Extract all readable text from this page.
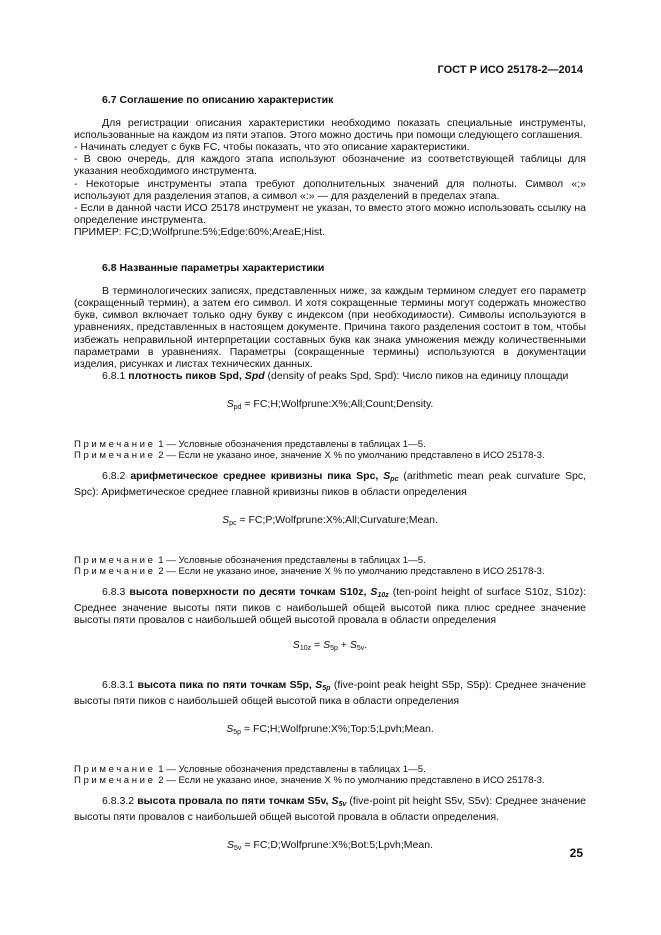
ГОСТ Р ИСО 25178-2—2014

6.7 Соглашение по описанию характеристик

Для регистрации описания характеристики необходимо показать специальные инструменты, использованные на каждом из пяти этапов. Этого можно достичь при помощи следующего соглашения.

- Начинать следует с букв FC, чтобы показать, что это описание характеристики.

- В свою очередь, для каждого этапа используют обозначение из соответствующей таблицы для указания необходимого инструмента.

- Некоторые инструменты этапа требуют дополнительных значений для полноты. Символ «;» используют для разделения этапов, а символ «:» — для разделений в пределах этапа.

- Если в данной части ИСО 25178 инструмент не указан, то вместо этого можно использовать ссылку на определение инструмента.

ПРИМЕР: FC;D;Wolfprune:5%;Edge:60%;AreaE;Hist.

6.8 Названные параметры характеристики

В терминологических записях, представленных ниже, за каждым термином следует его параметр (сокращенный термин), а затем его символ. И хотя сокращенные термины могут содержать множество букв, символ включает только одну букву с индексом (при необходимости). Символы используются в уравнениях, представленных в настоящем документе. Причина такого разделения состоит в том, чтобы избежать неправильной интерпретации составных букв как знака умножения между количественными параметрами в уравнениях. Параметры (сокращенные термины) используются в документации изделия, рисунках и листах технических данных.

6.8.1 плотность пиков Spd, Spd (density of peaks Spd, Spd): Число пиков на единицу площади

$S_{pd}$ = FC;H;Wolfprune:X%;All;Count;Density.
Примечание 1 — Условные обозначения представлены в таблицах 1—5.
Примечание 2 — Если не указано иное, значение X % по умолчанию представлено в ИСО 25178-3.

6.8.2 арифметическое среднее кривизны пика Spc, $S_{pc}$ (arithmetic mean peak curvature Spc, Spc): Арифметическое среднее главной кривизны пиков в области определения

$S_{pc}$ = FC;P;Wolfprune:X%;All;Curvature;Mean.
Примечание 1 — Условные обозначения представлены в таблицах 1—5.
Примечание 2 — Если не указано иное, значение X % по умолчанию представлено в ИСО 25178-3.

6.8.3 высота поверхности по десяти точкам S10z, $S_{10z}$ (ten-point height of surface S10z, S10z): Среднее значение высоты пяти пиков с наибольшей общей высотой пика плюс среднее значение высоты пяти провалов с наибольшей общей высотой провала в области определения

$S_{10z} = S_{5p} + S_{5v}$.

6.8.3.1 высота пика по пяти точкам S5p, $S_{5p}$ (five-point peak height S5p, S5p): Среднее значение высоты пяти пиков с наибольшей общей высотой пика в области определения

$S_{5p}$ = FC;H;Wolfprune:X%;Top:5;Lpvh;Mean.
Примечание 1 — Условные обозначения представлены в таблицах 1—5.
Примечание 2 — Если не указано иное, значение X % по умолчанию представлено в ИСО 25178-3.

6.8.3.2 высота провала по пяти точкам S5v, $S_{5v}$ (five-point pit height S5v, S5v): Среднее значение высоты пяти провалов с наибольшей общей высотой провала в области определения.

$S_{5v}$ = FC;D;Wolfprune:X%;Bot:5;Lpvh;Mean.
25
